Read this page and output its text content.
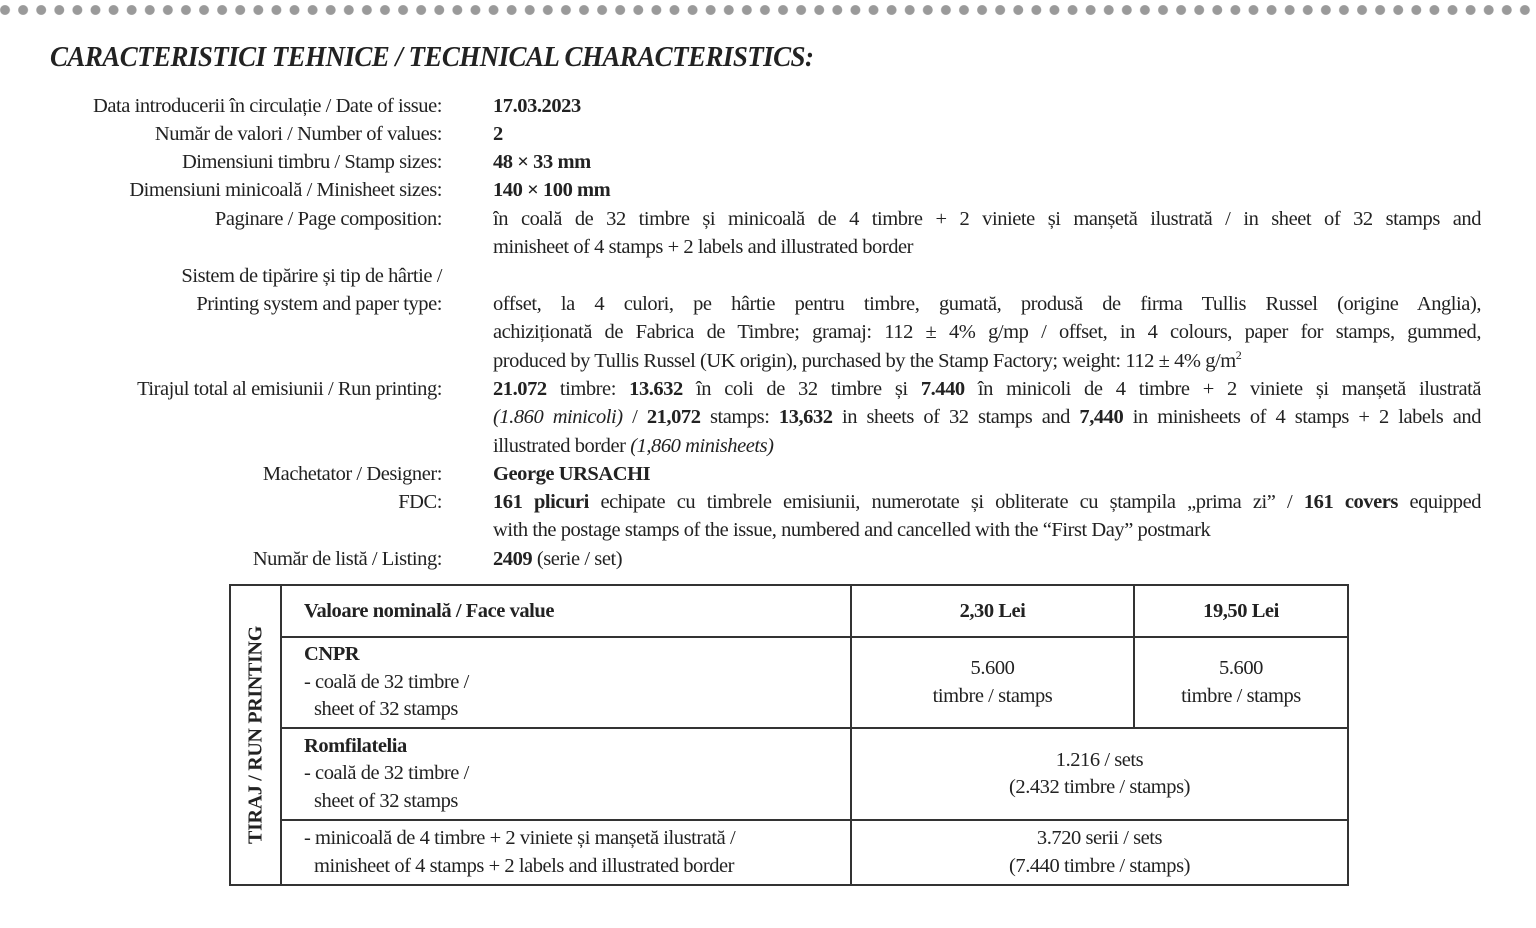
CARACTERISTICI TEHNICE / TECHNICAL CHARACTERISTICS:
Data introducerii în circulație / Date of issue: 17.03.2023
Număr de valori / Number of values: 2
Dimensiuni timbru / Stamp sizes: 48 × 33 mm
Dimensiuni minicoală / Minisheet sizes: 140 × 100 mm
Paginare / Page composition: în coală de 32 timbre și minicoală de 4 timbre + 2 viniete și manșetă ilustrată / in sheet of 32 stamps and
minisheet of 4 stamps + 2 labels and illustrated border
Sistem de tipărire și tip de hârtie /
Printing system and paper type: offset, la 4 culori, pe hârtie pentru timbre, gumată, produsă de firma Tullis Russel (origine Anglia),
achiziționată de Fabrica de Timbre; gramaj: 112 ± 4% g/mp / offset, in 4 colours, paper for stamps, gummed,
produced by Tullis Russel (UK origin), purchased by the Stamp Factory; weight: 112 ± 4% $g/m^2$
Tirajul total al emisiunii / Run printing: 21.072 timbre: 13.632 în coli de 32 timbre și 7.440 în minicoli de 4 timbre + 2 viniete și manșetă ilustrată
(1.860 minicoli) / 21,072 stamps: 13,632 in sheets of 32 stamps and 7,440 in minisheets of 4 stamps + 2 labels and
illustrated border (1,860 minisheets)
Machetator / Designer: George URSACHI
FDC: 161 plicuri echipate cu timbrele emisiunii, numerotate și obliterate cu ștampila „prima zi” / 161 covers equipped
with the postage stamps of the issue, numbered and cancelled with the “First Day” postmark
Număr de listă / Listing: 2409 (serie / set)
TIRAJ / RUN PRINTING	Valoare nominală / Face value	2,30 Lei	19,50 Lei

	CNPR
- coală de 32 timbre /
sheet of 32 stamps	5.600
timbre / stamps	5.600
timbre / stamps

	Romfilatelia
- coală de 32 timbre /
sheet of 32 stamps	1.216 / sets
(2.432 timbre / stamps)	

	- minicoală de 4 timbre + 2 viniete și manșetă ilustrată /
minisheet of 4 stamps + 2 labels and illustrated border	3.720 serii / sets
(7.440 timbre / stamps)	
